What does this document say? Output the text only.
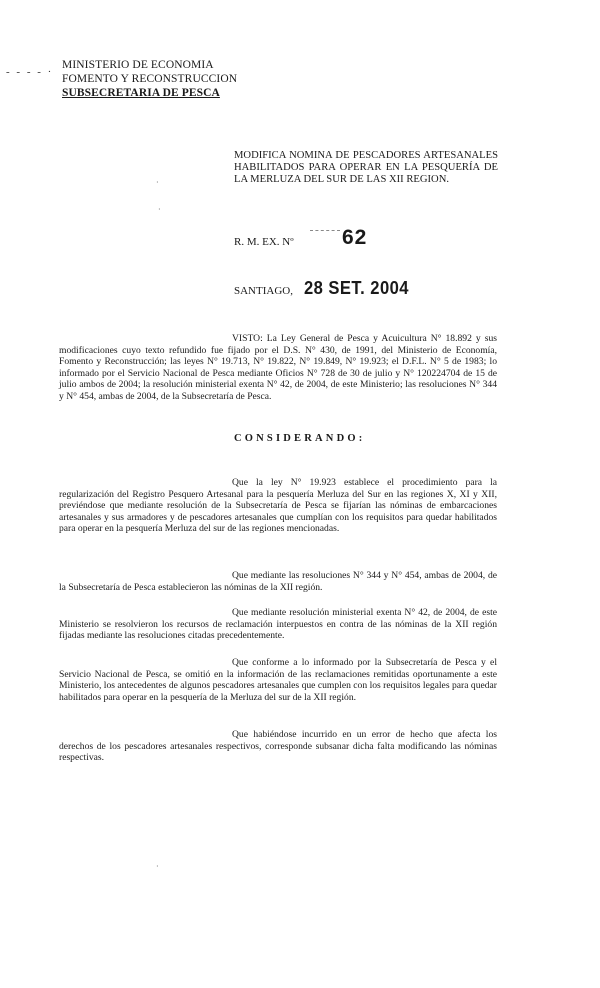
- - - - ·
MINISTERIO DE ECONOMIA
FOMENTO Y RECONSTRUCCION
SUBSECRETARIA DE PESCA
MODIFICA NOMINA DE PESCADORES ARTESANALES HABILITADOS PARA OPERAR EN LA PESQUERÍA DE LA MERLUZA DEL SUR DE LAS XII REGION.
·
·
R. M. EX. Nº 62
SANTIAGO, 28 SET. 2004
VISTO: La Ley General de Pesca y Acuicultura N° 18.892 y sus modificaciones cuyo texto refundido fue fijado por el D.S. N° 430, de 1991, del Ministerio de Economía, Fomento y Reconstrucción; las leyes N° 19.713, N° 19.822, N° 19.849, N° 19.923; el D.F.L. N° 5 de 1983; lo informado por el Servicio Nacional de Pesca mediante Oficios N° 728 de 30 de julio y N° 120224704 de 15 de julio ambos de 2004; la resolución ministerial exenta N° 42, de 2004, de este Ministerio; las resoluciones N° 344 y N° 454, ambas de 2004, de la Subsecretaría de Pesca.
CONSIDERANDO:
Que la ley N° 19.923 establece el procedimiento para la regularización del Registro Pesquero Artesanal para la pesquería Merluza del Sur en las regiones X, XI y XII, previéndose que mediante resolución de la Subsecretaría de Pesca se fijarían las nóminas de embarcaciones artesanales y sus armadores y de pescadores artesanales que cumplían con los requisitos para quedar habilitados para operar en la pesquería Merluza del sur de las regiones mencionadas.
Que mediante las resoluciones N° 344 y N° 454, ambas de 2004, de la Subsecretaría de Pesca establecieron las nóminas de la XII región.
Que mediante resolución ministerial exenta N° 42, de 2004, de este Ministerio se resolvieron los recursos de reclamación interpuestos en contra de las nóminas de la XII región fijadas mediante las resoluciones citadas precedentemente.
Que conforme a lo informado por la Subsecretaría de Pesca y el Servicio Nacional de Pesca, se omitió en la información de las reclamaciones remitidas oportunamente a este Ministerio, los antecedentes de algunos pescadores artesanales que cumplen con los requisitos legales para quedar habilitados para operar en la pesquería de la Merluza del sur de la XII región.
Que habiéndose incurrido en un error de hecho que afecta los derechos de los pescadores artesanales respectivos, corresponde subsanar dicha falta modificando las nóminas respectivas.
·
